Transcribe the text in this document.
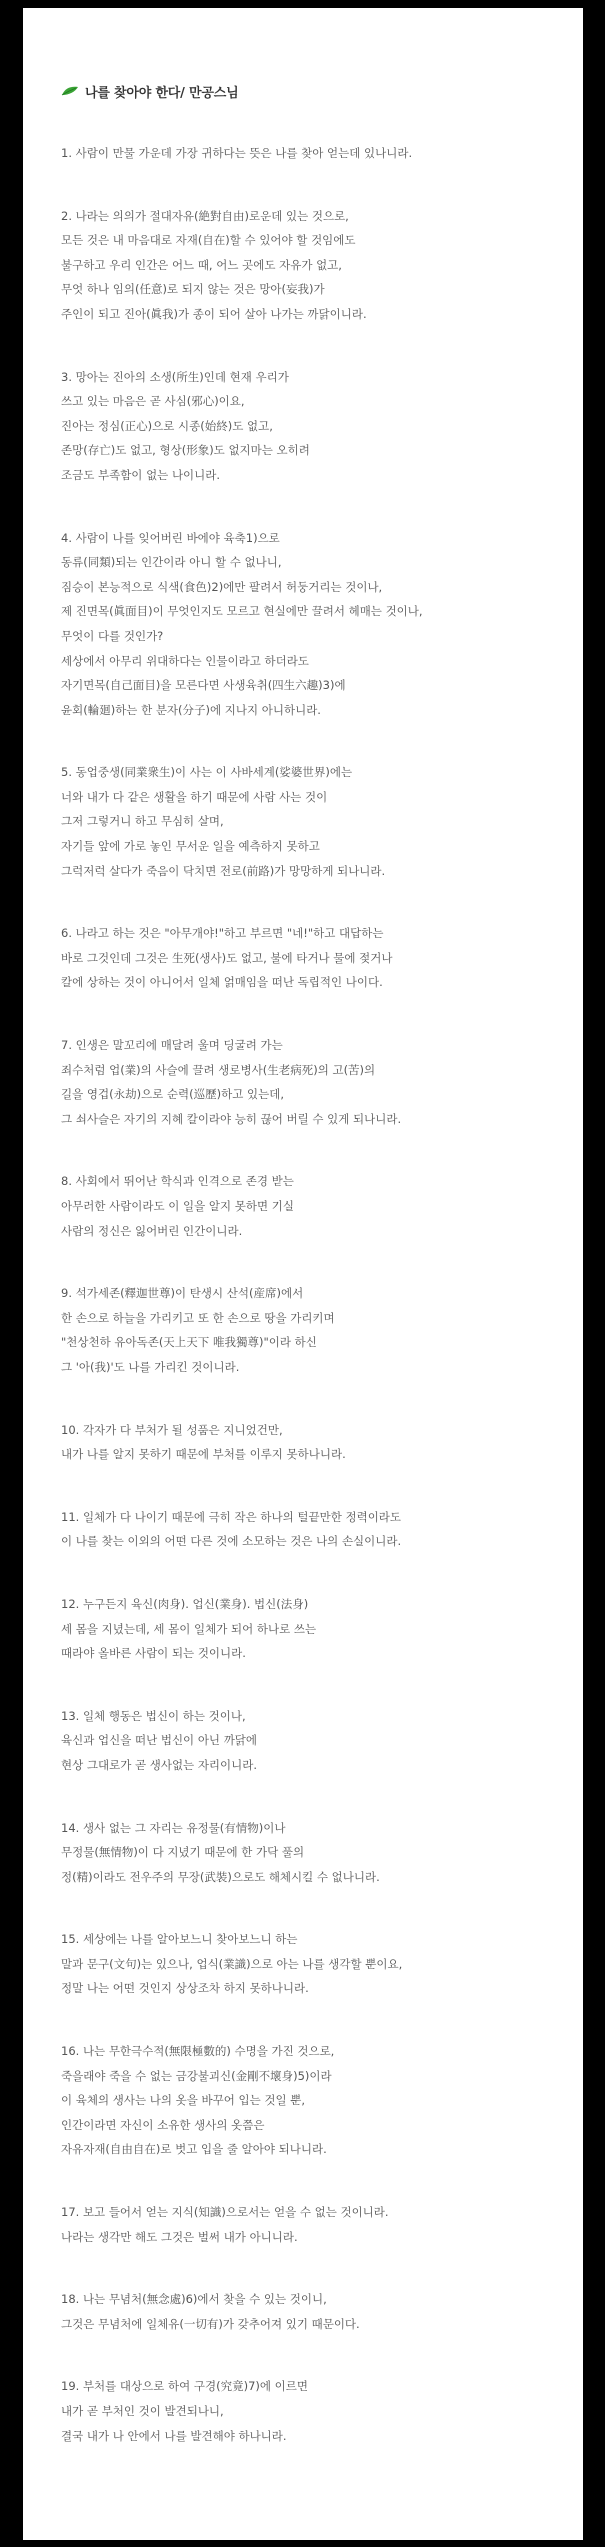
나를 찾아야 한다/ 만공스님
1. 사람이 만물 가운데 가장 귀하다는 뜻은 나를 찾아 얻는데 있나니라.
2. 나라는 의의가 절대자유(絶對自由)로운데 있는 것으로,
모든 것은 내 마음대로 자재(自在)할 수 있어야 할 것임에도
불구하고 우리 인간은 어느 때, 어느 곳에도 자유가 없고,
무엇 하나 임의(任意)로 되지 않는 것은 망아(妄我)가
주인이 되고 진아(眞我)가 종이 되어 살아 나가는 까닭이니라.
3. 망아는 진아의 소생(所生)인데 현재 우리가
쓰고 있는 마음은 곧 사심(邪心)이요,
진아는 정심(正心)으로 시종(始終)도 없고,
존망(存亡)도 없고, 형상(形象)도 없지마는 오히려
조금도 부족함이 없는 나이니라.
4. 사람이 나를 잊어버린 바에야 육축1)으로
동류(同類)되는 인간이라 아니 할 수 없나니,
짐승이 본능적으로 식색(食色)2)에만 팔려서 허둥거리는 것이나,
제 진면목(眞面目)이 무엇인지도 모르고 현실에만 끌려서 헤매는 것이나,
무엇이 다를 것인가?
세상에서 아무리 위대하다는 인물이라고 하더라도
자기면목(自己面目)을 모른다면 사생육취(四生六趣)3)에
윤회(輪廻)하는 한 분자(分子)에 지나지 아니하니라.
5. 동업중생(同業衆生)이 사는 이 사바세계(娑婆世界)에는
너와 내가 다 같은 생활을 하기 때문에 사람 사는 것이
그저 그렇거니 하고 무심히 살며,
자기들 앞에 가로 놓인 무서운 일을 예측하지 못하고
그럭저럭 살다가 죽음이 닥치면 전로(前路)가 망망하게 되나니라.
6. 나라고 하는 것은 "아무개야!"하고 부르면 "네!"하고 대답하는
바로 그것인데 그것은 生死(생사)도 없고, 불에 타거나 물에 젖거나
칼에 상하는 것이 아니어서 일체 얽매임을 떠난 독립적인 나이다.
7. 인생은 말꼬리에 매달려 울며 딩굴려 가는
죄수처럼 업(業)의 사슬에 끌려 생로병사(生老病死)의 고(苦)의
길을 영겁(永劫)으로 순력(巡歷)하고 있는데,
그 쇠사슬은 자기의 지혜 칼이라야 능히 끊어 버릴 수 있게 되나니라.
8. 사회에서 뛰어난 학식과 인격으로 존경 받는
아무러한 사람이라도 이 일을 알지 못하면 기실
사람의 정신은 잃어버린 인간이니라.
9. 석가세존(釋迦世尊)이 탄생시 산석(産席)에서
한 손으로 하늘을 가리키고 또 한 손으로 땅을 가리키며
"천상천하 유아독존(天上天下 唯我獨尊)"이라 하신
그 '아(我)'도 나를 가리킨 것이니라.
10. 각자가 다 부처가 될 성품은 지니었건만,
내가 나를 알지 못하기 때문에 부처를 이루지 못하나니라.
11. 일체가 다 나이기 때문에 극히 작은 하나의 털끝만한 정력이라도
이 나를 찾는 이외의 어떤 다른 것에 소모하는 것은 나의 손실이니라.
12. 누구든지 육신(肉身). 업신(業身). 법신(法身)
세 몸을 지녔는데, 세 몸이 일체가 되어 하나로 쓰는
때라야 올바른 사람이 되는 것이니라.
13. 일체 행동은 법신이 하는 것이나,
육신과 업신을 떠난 법신이 아닌 까닭에
현상 그대로가 곧 생사없는 자리이니라.
14. 생사 없는 그 자리는 유정물(有情物)이나
무정물(無情物)이 다 지녔기 때문에 한 가닥 풀의
정(精)이라도 전우주의 무장(武裝)으로도 해체시킬 수 없나니라.
15. 세상에는 나를 알아보느니 찾아보느니 하는
말과 문구(文句)는 있으나, 업식(業識)으로 아는 나를 생각할 뿐이요,
정말 나는 어떤 것인지 상상조차 하지 못하나니라.
16. 나는 무한극수적(無限極數的) 수명을 가진 것으로,
죽을래야 죽을 수 없는 금강불괴신(金剛不壞身)5)이라
이 육체의 생사는 나의 옷을 바꾸어 입는 것일 뿐,
인간이라면 자신이 소유한 생사의 옷쯤은
자유자재(自由自在)로 벗고 입을 줄 알아야 되나니라.
17. 보고 들어서 얻는 지식(知識)으로서는 얻을 수 없는 것이니라.
나라는 생각만 해도 그것은 벌써 내가 아니니라.
18. 나는 무념처(無念處)6)에서 찾을 수 있는 것이니,
그것은 무념처에 일체유(一切有)가 갖추어져 있기 때문이다.
19. 부처를 대상으로 하여 구경(究竟)7)에 이르면
내가 곧 부처인 것이 발견되나니,
결국 내가 나 안에서 나를 발견해야 하나니라.
